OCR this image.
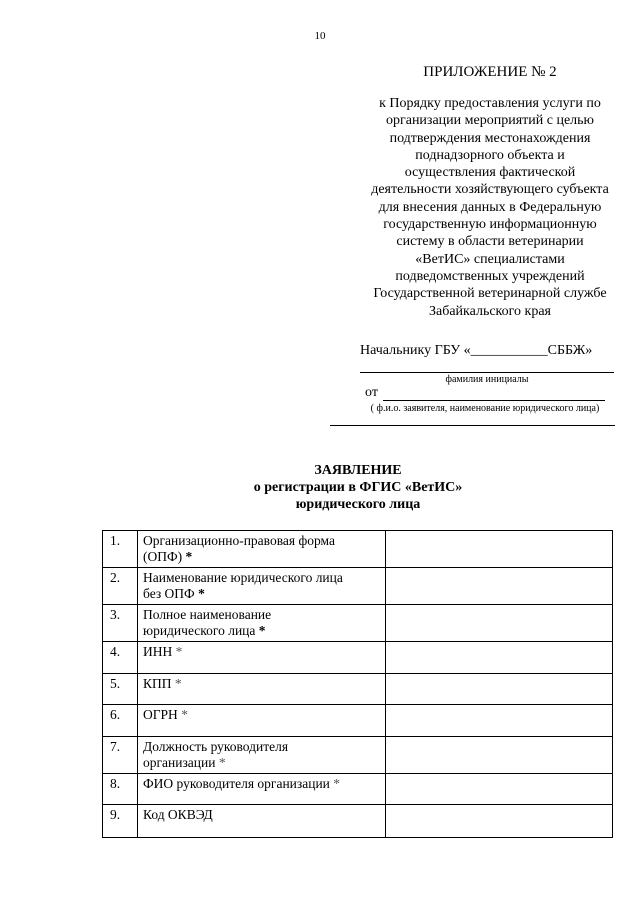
10
ПРИЛОЖЕНИЕ № 2
к Порядку предоставления услуги по
организации мероприятий с целью
подтверждения местонахождения
поднадзорного объекта и
осуществления фактической
деятельности хозяйствующего субъекта
для внесения данных в Федеральную
государственную информационную
систему в области ветеринарии
«ВетИС» специалистами
подведомственных учреждений
Государственной ветеринарной службе
Забайкальского края
Начальнику ГБУ «___________СББЖ»
фамилия инициалы
от
( ф.и.о. заявителя, наименование юридического лица)
ЗАЯВЛЕНИЕ
о регистрации в ФГИС «ВетИС»
юридического лица
1.	Организационно-правовая форма
(ОПФ) *	
2.	Наименование юридического лица
без ОПФ *	
3.	Полное наименование
юридического лица *	
4.	ИНН *	
5.	КПП *	
6.	ОГРН *	
7.	Должность руководителя
организации *	
8.	ФИО руководителя организации *	
9.	Код ОКВЭД	
